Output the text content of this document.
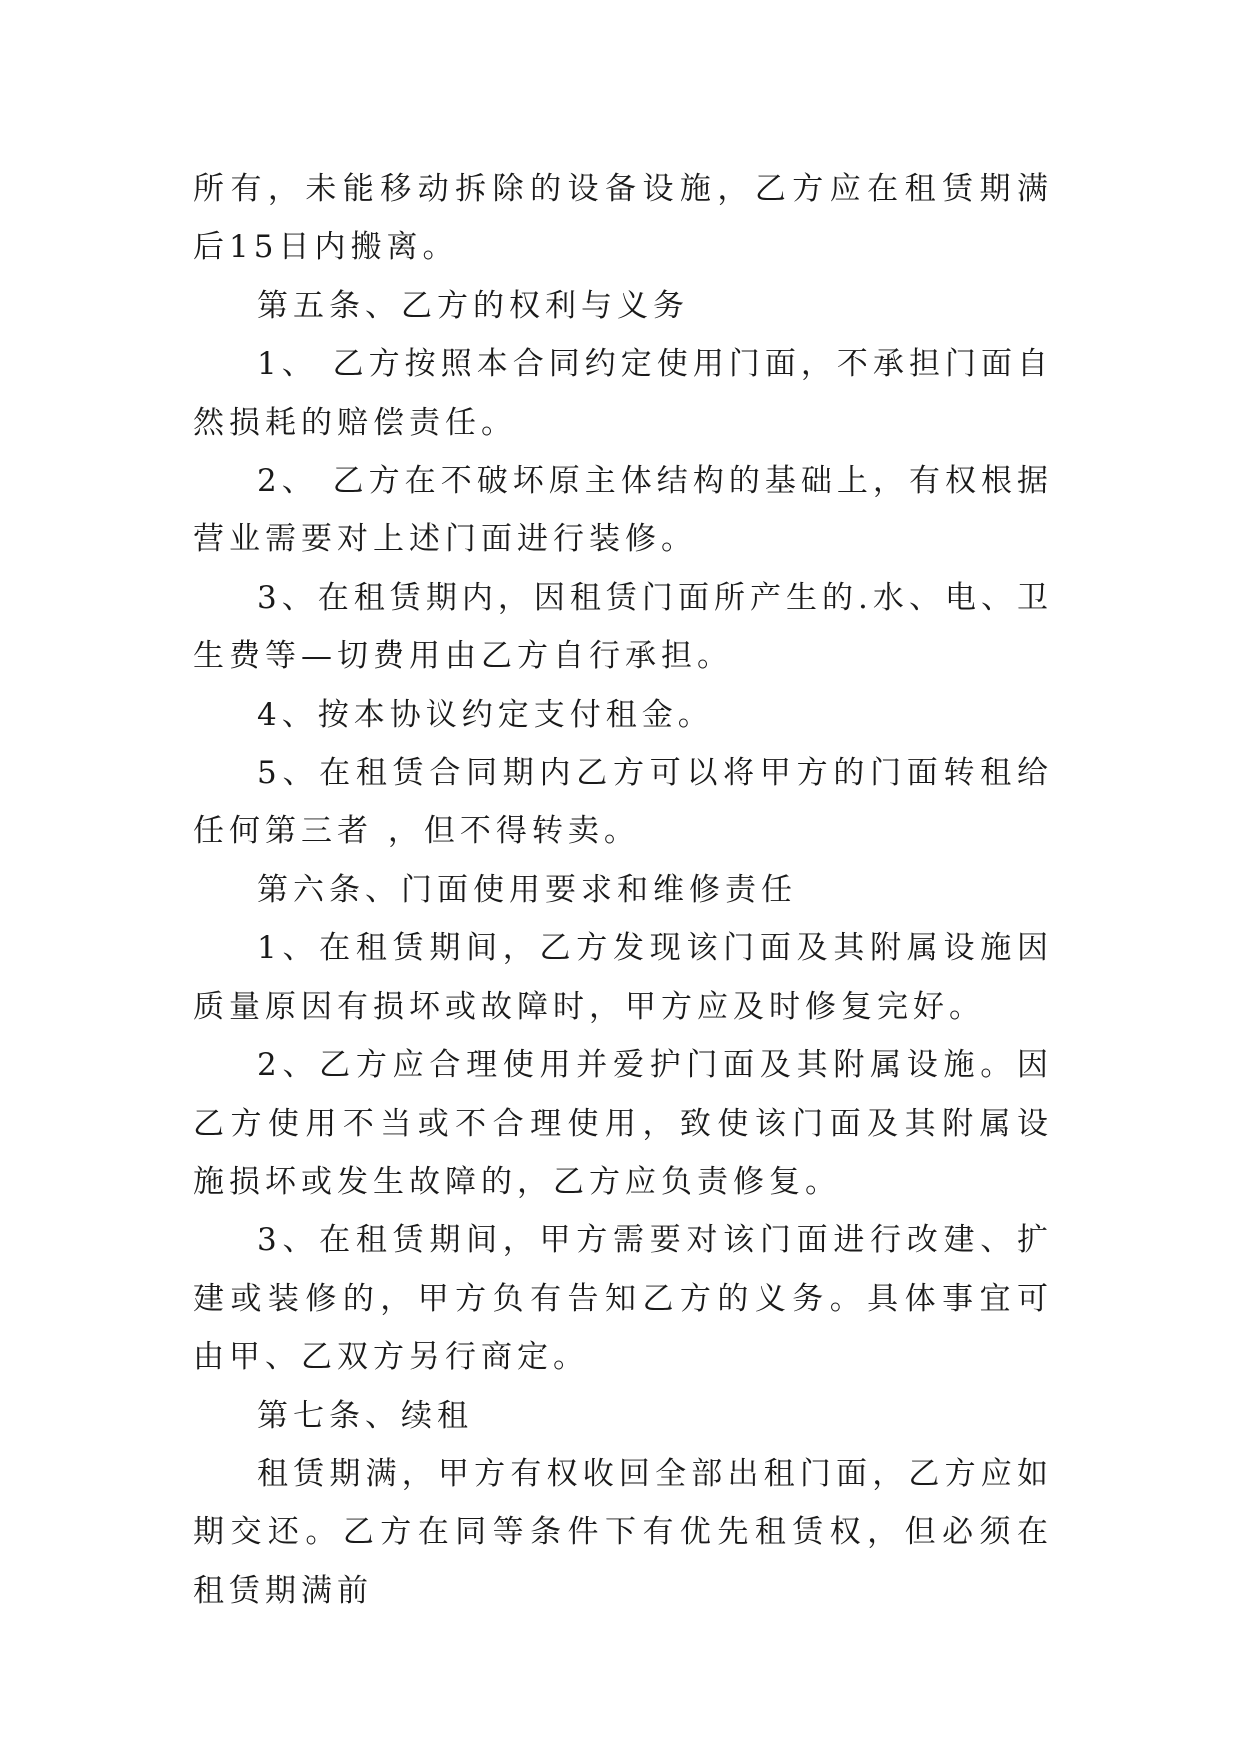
所有，未能移动拆除的设备设施，乙方应在租赁期满后15日内搬离。

第五条、乙方的权利与义务

1、 乙方按照本合同约定使用门面，不承担门面自然损耗的赔偿责任。

2、 乙方在不破坏原主体结构的基础上，有权根据营业需要对上述门面进行装修。

3、在租赁期内，因租赁门面所产生的.水、电、卫生费等—切费用由乙方自行承担。

4、按本协议约定支付租金。

5、在租赁合同期内乙方可以将甲方的门面转租给任何第三者 ，但不得转卖。

第六条、门面使用要求和维修责任

1、在租赁期间，乙方发现该门面及其附属设施因质量原因有损坏或故障时，甲方应及时修复完好。

2、乙方应合理使用并爱护门面及其附属设施。因乙方使用不当或不合理使用，致使该门面及其附属设施损坏或发生故障的，乙方应负责修复。

3、在租赁期间，甲方需要对该门面进行改建、扩建或装修的，甲方负有告知乙方的义务。具体事宜可由甲、乙双方另行商定。

第七条、续租

租赁期满，甲方有权收回全部出租门面，乙方应如期交还。乙方在同等条件下有优先租赁权，但必须在租赁期满前
